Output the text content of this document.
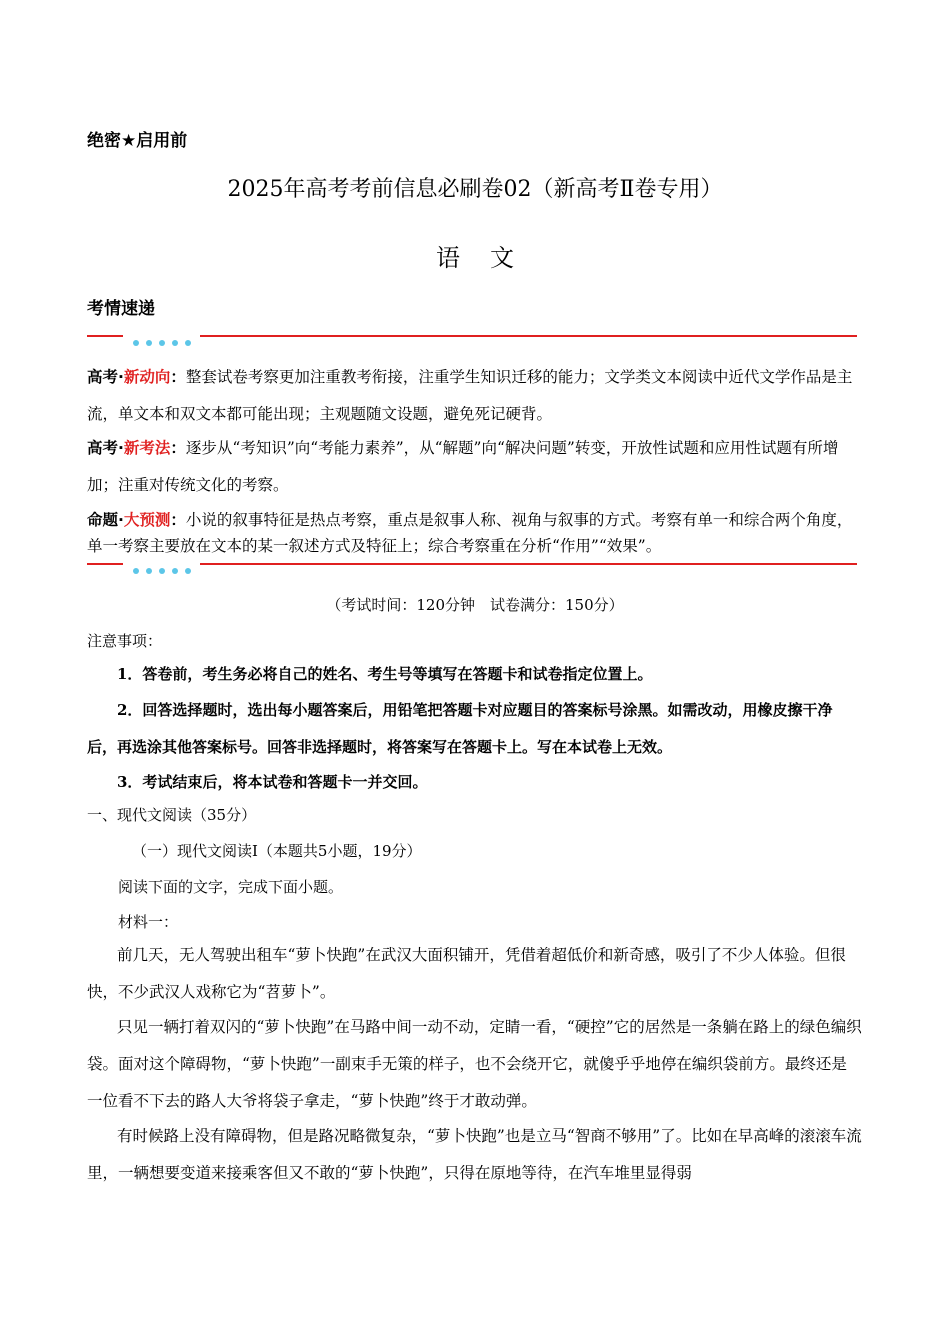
绝密★启用前
2025年高考考前信息必刷卷02（新高考Ⅱ卷专用）
语文
考情速递
高考·新动向：整套试卷考察更加注重教考衔接，注重学生知识迁移的能力；文学类文本阅读中近代文学作品是主流，单文本和双文本都可能出现；主观题随文设题，避免死记硬背。
高考·新考法：逐步从“考知识”向“考能力素养”，从“解题”向“解决问题”转变，开放性试题和应用性试题有所增加；注重对传统文化的考察。
命题·大预测：小说的叙事特征是热点考察，重点是叙事人称、视角与叙事的方式。考察有单一和综合两个角度，单一考察主要放在文本的某一叙述方式及特征上；综合考察重在分析“作用”“效果”。
（考试时间：120分钟　试卷满分：150分）
注意事项：
1．答卷前，考生务必将自己的姓名、考生号等填写在答题卡和试卷指定位置上。
2．回答选择题时，选出每小题答案后，用铅笔把答题卡对应题目的答案标号涂黑。如需改动，用橡皮擦干净后，再选涂其他答案标号。回答非选择题时，将答案写在答题卡上。写在本试卷上无效。
3．考试结束后，将本试卷和答题卡一并交回。
一、现代文阅读（35分）
（一）现代文阅读Ⅰ（本题共5小题，19分）
阅读下面的文字，完成下面小题。
材料一：
前几天，无人驾驶出租车“萝卜快跑”在武汉大面积铺开，凭借着超低价和新奇感，吸引了不少人体验。但很快，不少武汉人戏称它为“苕萝卜”。
只见一辆打着双闪的“萝卜快跑”在马路中间一动不动，定睛一看，“硬控”它的居然是一条躺在路上的绿色编织袋。面对这个障碍物，“萝卜快跑”一副束手无策的样子，也不会绕开它，就傻乎乎地停在编织袋前方。最终还是一位看不下去的路人大爷将袋子拿走，“萝卜快跑”终于才敢动弹。
有时候路上没有障碍物，但是路况略微复杂，“萝卜快跑”也是立马“智商不够用”了。比如在早高峰的滚滚车流里，一辆想要变道来接乘客但又不敢的“萝卜快跑”，只得在原地等待，在汽车堆里显得弱
